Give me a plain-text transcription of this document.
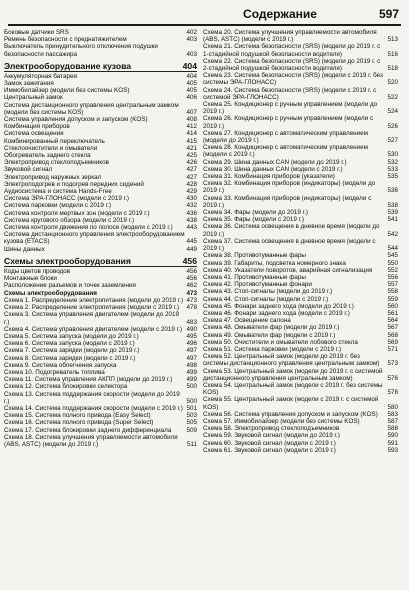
Содержание	597
Боковые датчики SRS	402
Ремень безопасности с преднатяжителем	403
Выключатель принудительного отключения подушки безопасности пассажира	403
Электрооборудование кузова	404
Аккумуляторная батарея	404
Замок зажигания	405
Иммобилайзер (модели без системы KOS)	405
Центральный замок	406
Система дистанционного управления центральным замком (модели без системы KOS)	407
Система управления допуском и запуском (KOS)	408
Комбинация приборов	412
Система освещения	414
Комбинированный переключатель	415
Стеклоочистители и омыватели	421
Обогреватель заднего стекла	425
Электропривод стеклоподъемников	426
Звуковой сигнал	427
Электропривод наружных зеркал	427
Электроподогрев и подогрев передних сидений	428
Аудиосистема и система Hands-Free	429
Система ЭРА-ГЛОНАСС (модели с 2019 г.)	430
Система парковки (модели с 2019 г.)	432
Система контроля мертвых зон (модели с 2019 г.)	436
Система кругового обзора (модели с 2019 г.)	438
Система контроля движения по полосе (модели с 2019 г.)	443
Система дистанционного управления электрооборудованием кузова (ETACS)	445
Шины данных	449
Схемы электрооборудования	456
Коды цветов проводов	456
Монтажные блоки	456
Расположение разъемов и точек заземления	462
Схемы электрооборудования	473
Схема 1. Распределение электропитания (модели до 2019 г.) 473
Схема 2. Распределение электропитания (модели с 2019 г.)	478
Схема 3. Система управления двигателем (модели до 2019 г.)	483
Схема 4. Система управления двигателем (модели с 2019 г.) 490
Схема 5. Система запуска (модели до 2019 г.)	495
Схема 6. Система запуска (модели с 2019 г.)	496
Схема 7. Система зарядки (модели до 2019 г.)	497
Схема 8. Система зарядки (модели с 2019 г.)	497
Схема 9. Система облегчения запуска	498
Схема 10. Подогреватель топлива	499
Схема 11. Система управления АКПП (модели до 2019 г.)	499
Схема 12. Система блокировки селектора	500
Схема 13. Система поддержания скорости (модели до 2019 г.)	500
Схема 14. Система поддержания скорости (модели с 2019 г.) 501
Схема 15. Система полного привода (Easy Select)	503
Схема 16. Система полного привода (Super Select)	505
Схема 17. Система блокировки заднего дифференциала	509
Схема 18. Система улучшения управляемости автомобиля (ABS, ASTC) (модели до 2019 г.)	511
Схема 20. Система улучшения управляемости автомобиля (ABS, ASTC) (модели с 2019 г.)	513
Схема 21. Система безопасности (SRS) (модели до 2019 г. с 1-стадийной подушкой безопасности водителя)	516
Схема 22. Система безопасности (SRS) (модели до 2019 г. с 2-стадийной подушкой безопасности водителя)	518
Схема 23. Система безопасности (SRS) (модели с 2019 г. без системы ЭРА-ГЛОНАСС)	520
Схема 24. Система безопасности (SRS) (модели с 2019 г. с системой ЭРА-ГЛОНАСС)	522
Схема 25. Кондиционер с ручным управлением (модели до 2019 г.)	524
Схема 26. Кондиционер с ручным управлением (модели с 2019 г.)	526
Схема 27. Кондиционер с автоматическим управлением (модели до 2019 г.)	527
Схема 28. Кондиционер с автоматическим управлением (модели с 2019 г.)	530
Схема 29. Шина данных CAN (модели до 2019 г.)	532
Схема 30. Шина данных CAN (модели с 2019 г.)	533
Схема 31. Комбинация приборов (указатели)	535
Схема 32. Комбинация приборов (индикаторы) (модели до 2019 г.)	536
Схема 33. Комбинация приборов (индикаторы) (модели с 2019 г.)	538
Схема 34. Фары (модели до 2019 г.)	539
Схема 35. Фары (модели с 2019 г.)	541
Схема 36. Система освещения в дневное время (модели до 2019 г.)	542
Схема 37. Система освещения в дневное время (модели с 2019 г.)	544
Схема 38. Противотуманные фары	545
Схема 39. Габариты, подсветка номерного знака	550
Схема 40. Указатели поворотов, аварийная сигнализация	552
Схема 41. Противотуманные фары	556
Схема 42. Противотуманные фонари	557
Схема 43. Стоп-сигналы (модели до 2019 г.)	558
Схема 44. Стоп-сигналы (модели с 2019 г.)	559
Схема 45. Фонари заднего хода (модели до 2019 г.)	560
Схема 46. Фонари заднего хода (модели с 2019 г.)	561
Схема 47. Освещение салона	564
Схема 48. Омыватели фар (модели до 2019 г.)	567
Схема 49. Омыватели фар (модели с 2019 г.)	568
Схема 50. Очистители и омыватели лобового стекла	569
Схема 51. Система парковки (модели с 2019 г.)	571
Схема 52. Центральный замок (модели до 2019 г. без системы дистанционного управления центральным замком)	573
Схема 53. Центральный замок (модели до 2019 г. с системой дистанционного управления центральным замком)	576
Схема 54. Центральный замок (модели с 2019 г. без системы KOS)	578
Схема 55. Центральный замок (модели с 2019 г. с системой KOS)	580
Схема 56. Система управления допуском и запуском (KOS)	583
Схема 57. Иммобилайзер (модели без системы KOS)	587
Схема 58. Электропривод стеклоподъемников	588
Схема 59. Звуковой сигнал (модели до 2019 г.)	590
Схема 60. Звуковой сигнал (модели с 2019 г.)	591
Схема 61. Звуковой сигнал (модели с 2019 г.)	593
